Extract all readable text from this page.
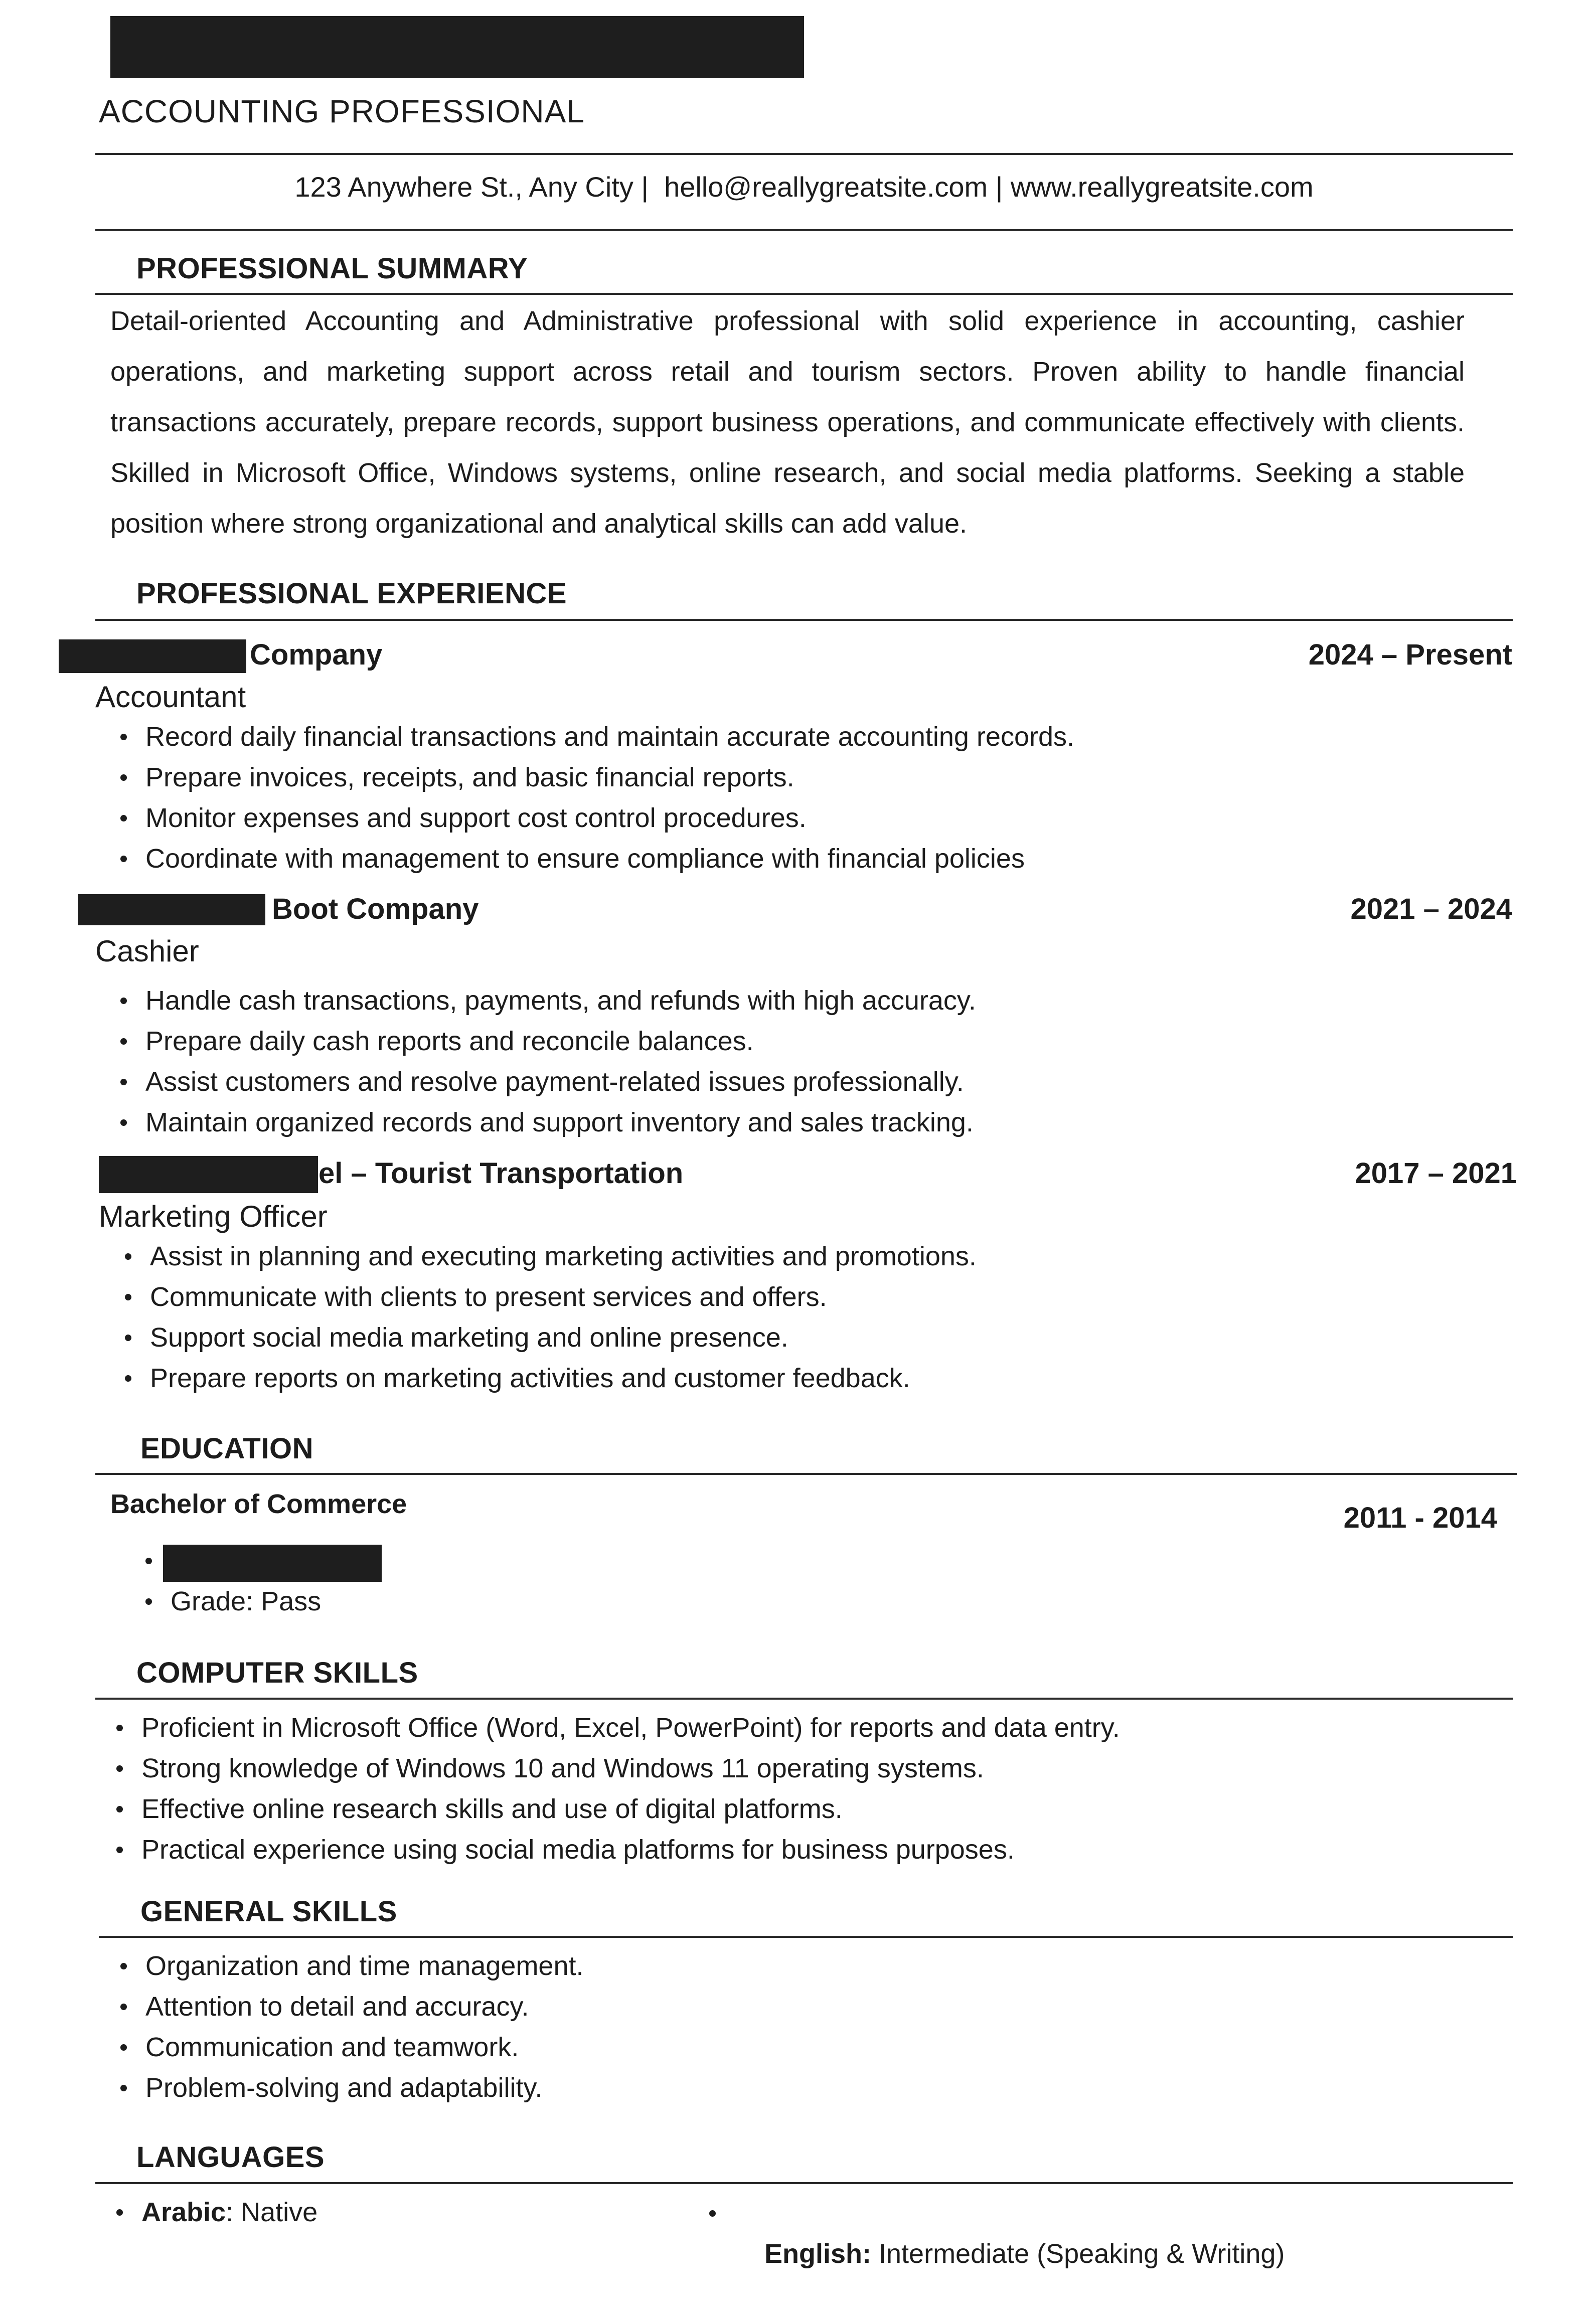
ACCOUNTING PROFESSIONAL
123 Anywhere St., Any City |  hello@reallygreatsite.com | www.reallygreatsite.com
PROFESSIONAL SUMMARY
Detail-oriented Accounting and Administrative professional with solid experience in accounting, cashier operations, and marketing support across retail and tourism sectors. Proven ability to handle financial transactions accurately, prepare records, support business operations, and communicate effectively with clients. Skilled in Microsoft Office, Windows systems, online research, and social media platforms. Seeking a stable position where strong organizational and analytical skills can add value.
PROFESSIONAL EXPERIENCE
Company	2024 – Present
Accountant
Record daily financial transactions and maintain accurate accounting records.
Prepare invoices, receipts, and basic financial reports.
Monitor expenses and support cost control procedures.
Coordinate with management to ensure compliance with financial policies
Boot Company	2021 – 2024
Cashier
Handle cash transactions, payments, and refunds with high accuracy.
Prepare daily cash reports and reconcile balances.
Assist customers and resolve payment-related issues professionally.
Maintain organized records and support inventory and sales tracking.
el – Tourist Transportation	2017 – 2021
Marketing Officer
Assist in planning and executing marketing activities and promotions.
Communicate with clients to present services and offers.
Support social media marketing and online presence.
Prepare reports on marketing activities and customer feedback.
EDUCATION
Bachelor of Commerce	2011 - 2014
Grade: Pass
COMPUTER SKILLS
Proficient in Microsoft Office (Word, Excel, PowerPoint) for reports and data entry.
Strong knowledge of Windows 10 and Windows 11 operating systems.
Effective online research skills and use of digital platforms.
Practical experience using social media platforms for business purposes.
GENERAL SKILLS
Organization and time management.
Attention to detail and accuracy.
Communication and teamwork.
Problem-solving and adaptability.
LANGUAGES
Arabic: Native

English: Intermediate (Speaking & Writing)
